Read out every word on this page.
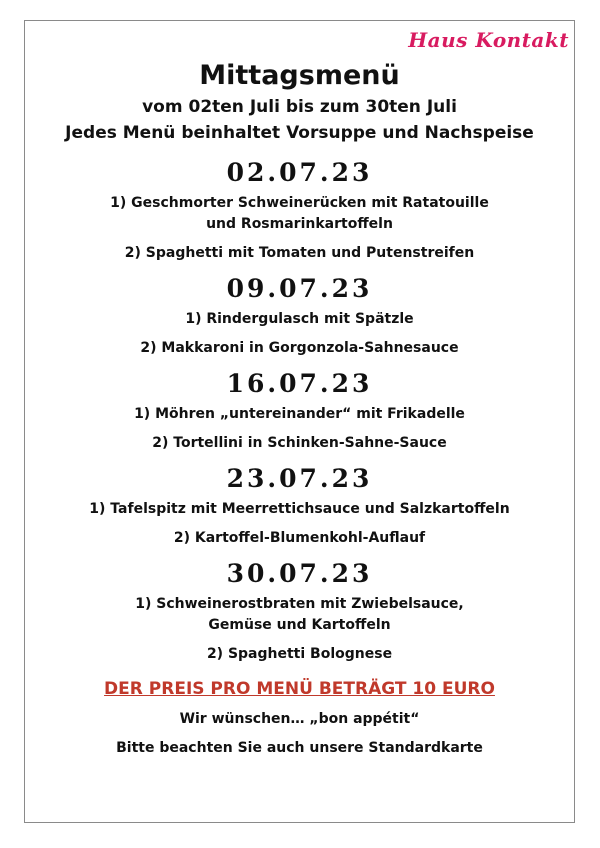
Haus Kontakt

Mittagsmenü

vom 02ten Juli bis zum 30ten Juli

Jedes Menü beinhaltet Vorsuppe und Nachspeise

02.07.23

1) Geschmorter Schweinerücken mit Ratatouille

und Rosmarinkartoffeln

2) Spaghetti mit Tomaten und Putenstreifen

09.07.23

1) Rindergulasch mit Spätzle

2) Makkaroni in Gorgonzola-Sahnesauce

16.07.23

1) Möhren „untereinander“ mit Frikadelle

2) Tortellini in Schinken-Sahne-Sauce

23.07.23

1) Tafelspitz mit Meerrettichsauce und Salzkartoffeln

2) Kartoffel-Blumenkohl-Auflauf

30.07.23

1) Schweinerostbraten mit Zwiebelsauce,

Gemüse und Kartoffeln

2) Spaghetti Bolognese

DER PREIS PRO MENÜ BETRÄGT 10 EURO

Wir wünschen… „bon appétit“

Bitte beachten Sie auch unsere Standardkarte
